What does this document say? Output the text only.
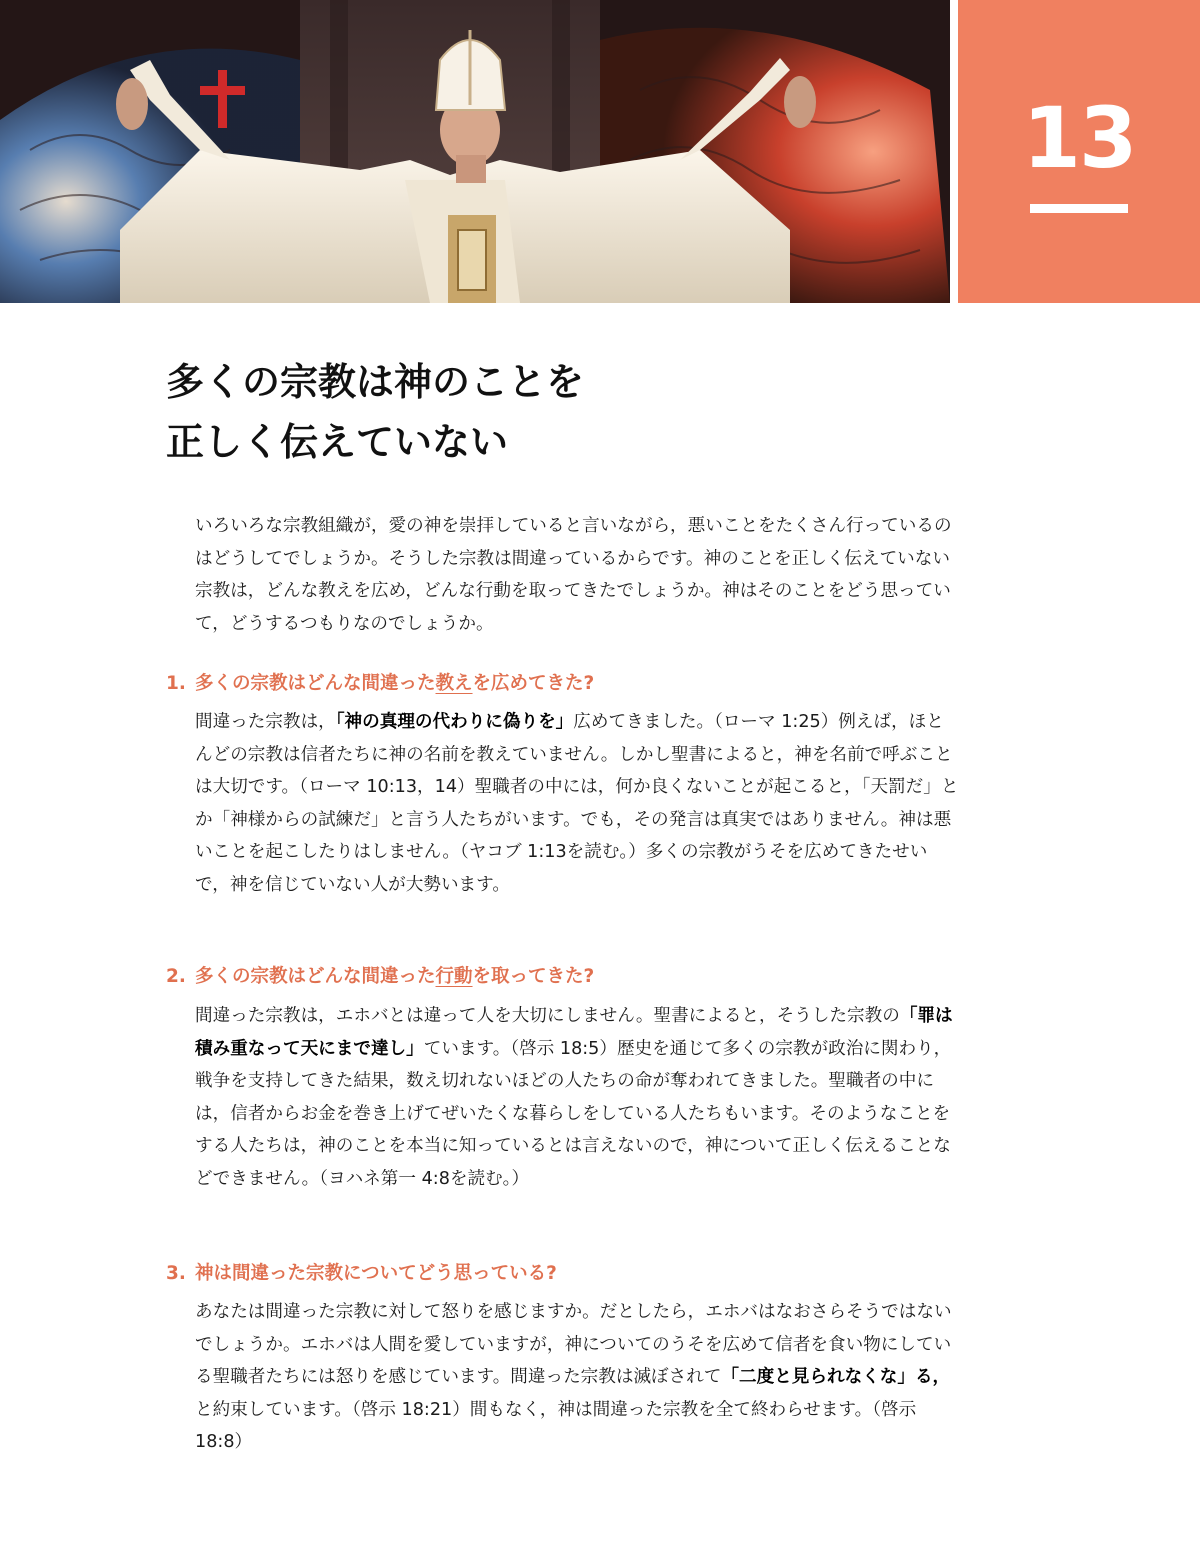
13
多くの宗教は神のことを
正しく伝えていない
いろいろな宗教組織が，愛の神を崇拝していると言いながら，悪いことをたくさん行っているのはどうしてでしょうか。そうした宗教は間違っているからです。神のことを正しく伝えていない宗教は，どんな教えを広め，どんな行動を取ってきたでしょうか。神はそのことをどう思っていて，どうするつもりなのでしょうか。
1. 多くの宗教はどんな間違った教えを広めてきた?
間違った宗教は，「神の真理の代わりに偽りを」広めてきました。（ローマ 1:25）例えば，ほとんどの宗教は信者たちに神の名前を教えていません。しかし聖書によると，神を名前で呼ぶことは大切です。（ローマ 10:13，14）聖職者の中には，何か良くないことが起こると，「天罰だ」とか「神様からの試練だ」と言う人たちがいます。でも，その発言は真実ではありません。神は悪いことを起こしたりはしません。（ヤコブ 1:13を読む。）多くの宗教がうそを広めてきたせいで，神を信じていない人が大勢います。
2. 多くの宗教はどんな間違った行動を取ってきた?
間違った宗教は，エホバとは違って人を大切にしません。聖書によると，そうした宗教の「罪は積み重なって天にまで達し」ています。（啓示 18:5）歴史を通じて多くの宗教が政治に関わり，戦争を支持してきた結果，数え切れないほどの人たちの命が奪われてきました。聖職者の中には，信者からお金を巻き上げてぜいたくな暮らしをしている人たちもいます。そのようなことをする人たちは，神のことを本当に知っているとは言えないので，神について正しく伝えることなどできません。（ヨハネ第一 4:8を読む。）
3. 神は間違った宗教についてどう思っている?
あなたは間違った宗教に対して怒りを感じますか。だとしたら，エホバはなおさらそうではないでしょうか。エホバは人間を愛していますが，神についてのうそを広めて信者を食い物にしている聖職者たちには怒りを感じています。間違った宗教は滅ぼされて「二度と見られなくな」る，と約束しています。（啓示 18:21）間もなく，神は間違った宗教を全て終わらせます。（啓示 18:8）
